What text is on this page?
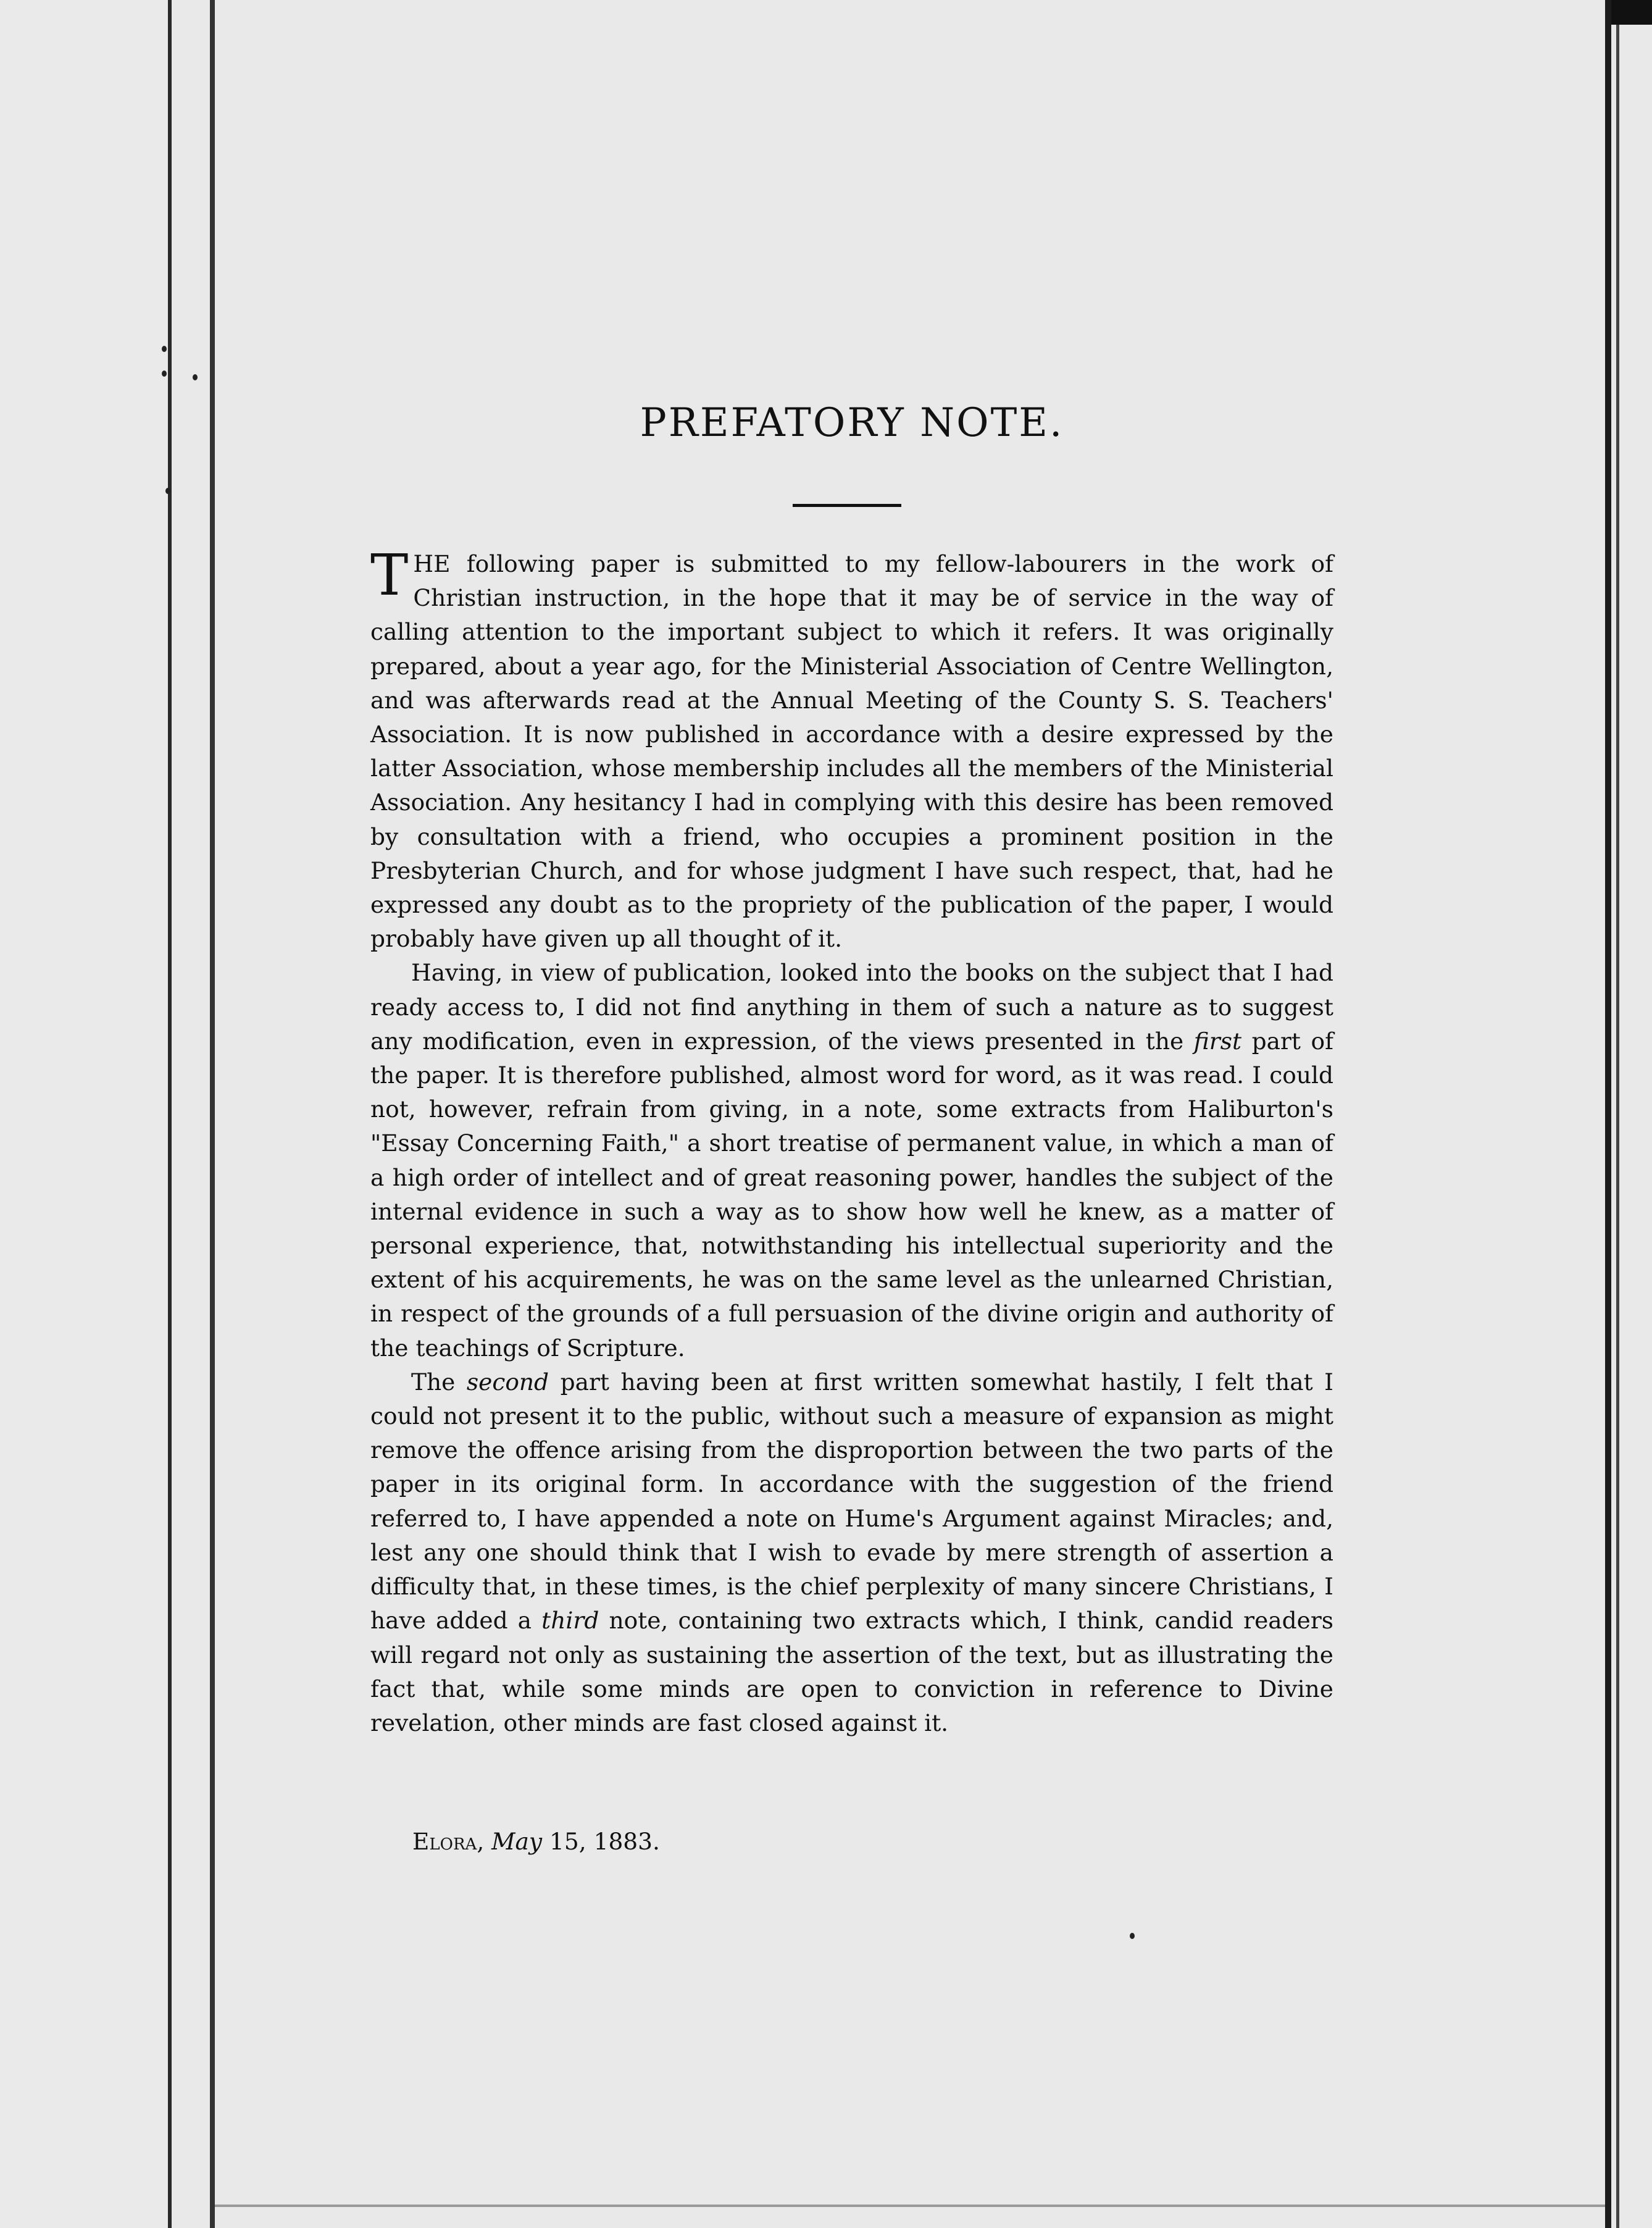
PREFATORY NOTE.

THE following paper is submitted to my fellow-labourers in the work of Christian instruction, in the hope that it may be of service in the way of calling attention to the important subject to which it refers. It was originally prepared, about a year ago, for the Ministerial Association of Centre Wellington, and was afterwards read at the Annual Meeting of the County S. S. Teachers' Association. It is now published in accordance with a desire expressed by the latter Association, whose membership includes all the members of the Ministerial Association. Any hesitancy I had in complying with this desire has been removed by consultation with a friend, who occupies a prominent position in the Presbyterian Church, and for whose judgment I have such respect, that, had he expressed any doubt as to the propriety of the publication of the paper, I would probably have given up all thought of it.

Having, in view of publication, looked into the books on the subject that I had ready access to, I did not find anything in them of such a nature as to suggest any modification, even in expression, of the views presented in the first part of the paper. It is therefore published, almost word for word, as it was read. I could not, however, refrain from giving, in a note, some extracts from Haliburton's "Essay Concerning Faith," a short treatise of permanent value, in which a man of a high order of intellect and of great reasoning power, handles the subject of the internal evidence in such a way as to show how well he knew, as a matter of personal experience, that, notwithstanding his intellectual superiority and the extent of his acquirements, he was on the same level as the unlearned Christian, in respect of the grounds of a full persuasion of the divine origin and authority of the teachings of Scripture.

The second part having been at first written somewhat hastily, I felt that I could not present it to the public, without such a measure of expansion as might remove the offence arising from the disproportion between the two parts of the paper in its original form. In accordance with the suggestion of the friend referred to, I have appended a note on Hume's Argument against Miracles; and, lest any one should think that I wish to evade by mere strength of assertion a difficulty that, in these times, is the chief perplexity of many sincere Christians, I have added a third note, containing two extracts which, I think, candid readers will regard not only as sustaining the assertion of the text, but as illustrating the fact that, while some minds are open to conviction in reference to Divine revelation, other minds are fast closed against it.

Elora, May 15, 1883.
